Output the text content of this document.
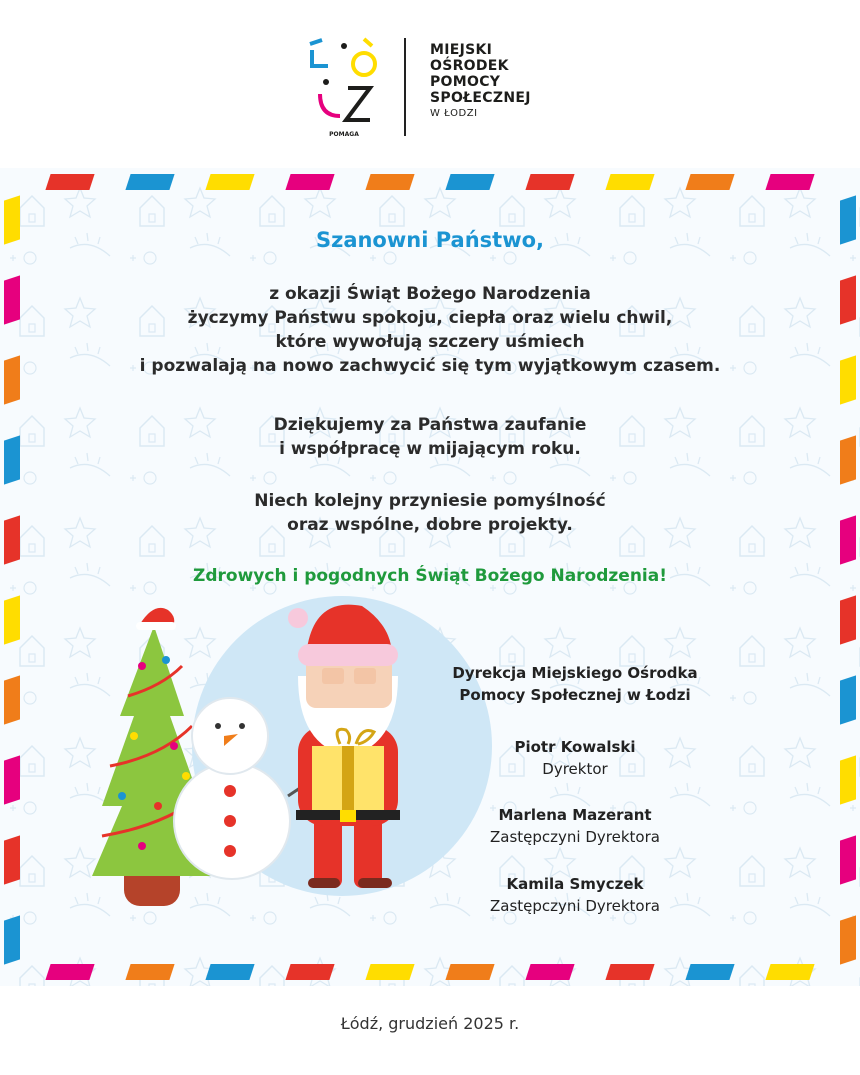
POMAGA
MIEJSKI
OŚRODEK
POMOCY
SPOŁECZNEJ
W ŁODZI
Szanowni Państwo,
z okazji Świąt Bożego Narodzenia
życzymy Państwu spokoju, ciepła oraz wielu chwil,
które wywołują szczery uśmiech
i pozwalają na nowo zachwycić się tym wyjątkowym czasem.
Dziękujemy za Państwa zaufanie
i współpracę w mijającym roku.
Niech kolejny przyniesie pomyślność
oraz wspólne, dobre projekty.
Zdrowych i pogodnych Świąt Bożego Narodzenia!
Dyrekcja Miejskiego Ośrodka
Pomocy Społecznej w Łodzi
Piotr Kowalski
Dyrektor
Marlena Mazerant
Zastępczyni Dyrektora
Kamila Smyczek
Zastępczyni Dyrektora
Łódź, grudzień 2025 r.
